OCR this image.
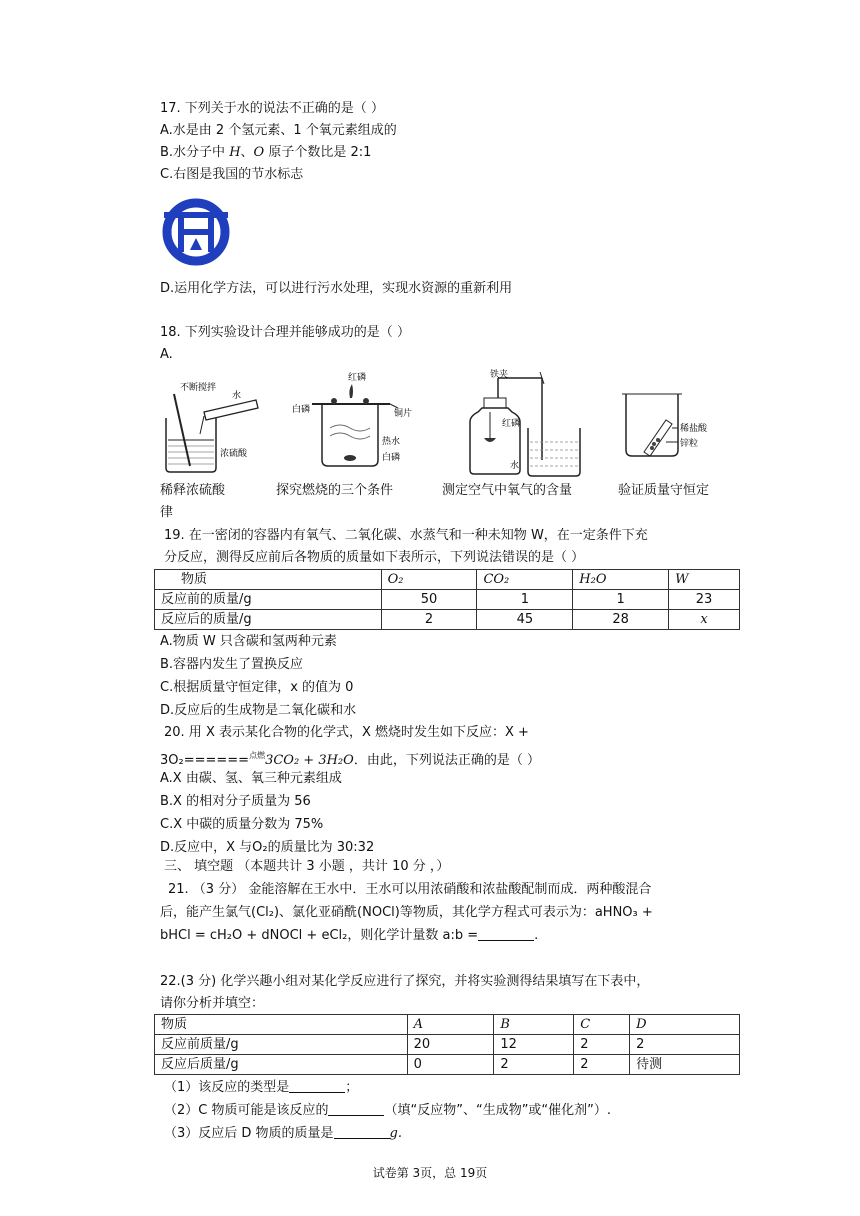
17. 下列关于水的说法不正确的是（ ）
A.水是由 2 个氢元素、1 个氧元素组成的
B.水分子中 H、O 原子个数比是 2:1
C.右图是我国的节水标志
D.运用化学方法，可以进行污水处理，实现水资源的重新利用
18. 下列实验设计合理并能够成功的是（ ）
A.
不断搅拌
水
浓硫酸
红磷
白磷	铜片
热水
白磷
铁夹
红磷
水
稀盐酸
锌粒
稀释浓硫酸	探究燃烧的三个条件	测定空气中氧气的含量	验证质量守恒定
律
19. 在一密闭的容器内有氧气、二氧化碳、水蒸气和一种未知物 W，在一定条件下充
分反应，测得反应前后各物质的质量如下表所示，下列说法错误的是（ ）
物质	O₂	CO₂	H₂O	W
反应前的质量/g	50	1	1	23
反应后的质量/g	2	45	28	x
A.物质 W 只含碳和氢两种元素
B.容器内发生了置换反应
C.根据质量守恒定律，x 的值为 0
D.反应后的生成物是二氧化碳和水
20. 用 X 表示某化合物的化学式，X 燃烧时发生如下反应：X +
3O₂======$^{点燃}$3CO₂ + 3H₂O．由此，下列说法正确的是（ ）
A.X 由碳、氢、氧三种元素组成
B.X 的相对分子质量为 56
C.X 中碳的质量分数为 75%
D.反应中，X 与O₂的质量比为 30:32
三、 填空题 （本题共计 3 小题 ，共计 10 分 ，）
21. （3 分） 金能溶解在王水中．王水可以用浓硝酸和浓盐酸配制而成．两种酸混合
后，能产生氯气(Cl₂)、氯化亚硝酰(NOCl)等物质，其化学方程式可表示为：aHNO₃ +
bHCl = cH₂O + dNOCl + eCl₂，则化学计量数 a:b =	.
22.(3 分) 化学兴趣小组对某化学反应进行了探究，并将实验测得结果填写在下表中，
请你分析并填空：
物质	A	B	C	D
反应前质量/g	20	12	2	2
反应后质量/g	0	2	2	待测
（1）该反应的类型是	；
（2）C 物质可能是该反应的	（填“反应物”、“生成物”或“催化剂”）.
（3）反应后 D 物质的质量是	g.
试卷第 3页，总 19页
